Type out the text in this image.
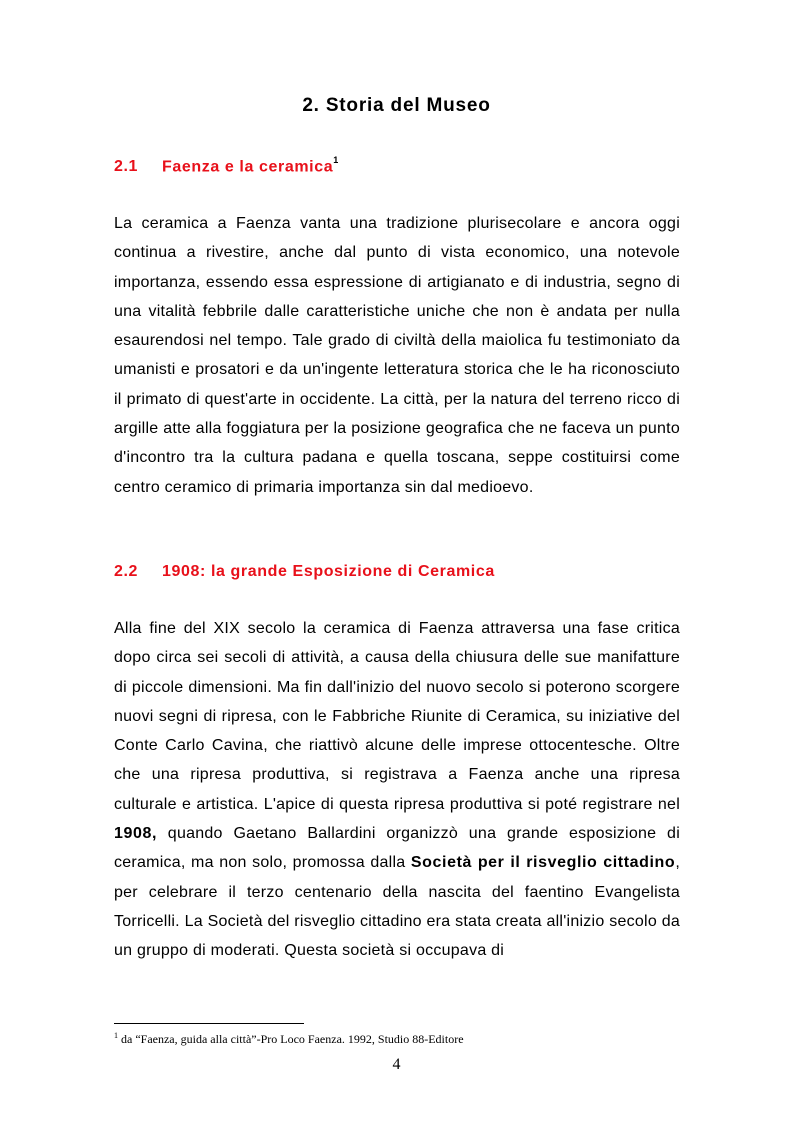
2. Storia del Museo
2.1 Faenza e la ceramica$^1$

La ceramica a Faenza vanta una tradizione plurisecolare e ancora oggi continua a rivestire, anche dal punto di vista economico, una notevole importanza, essendo essa espressione di artigianato e di industria, segno di una vitalità febbrile dalle caratteristiche uniche che non è andata per nulla esaurendosi nel tempo. Tale grado di civiltà della maiolica fu testimoniato da umanisti e prosatori e da un'ingente letteratura storica che le ha riconosciuto il primato di quest'arte in occidente. La città, per la natura del terreno ricco di argille atte alla foggiatura per la posizione geografica che ne faceva un punto d'incontro tra la cultura padana e quella toscana, seppe costituirsi come centro ceramico di primaria importanza sin dal medioevo.

2.2 1908: la grande Esposizione di Ceramica

Alla fine del XIX secolo la ceramica di Faenza attraversa una fase critica dopo circa sei secoli di attività, a causa della chiusura delle sue manifatture di piccole dimensioni. Ma fin dall'inizio del nuovo secolo si poterono scorgere nuovi segni di ripresa, con le Fabbriche Riunite di Ceramica, su iniziative del Conte Carlo Cavina, che riattivò alcune delle imprese ottocentesche. Oltre che una ripresa produttiva, si registrava a Faenza anche una ripresa culturale e artistica. L'apice di questa ripresa produttiva si poté registrare nel 1908, quando Gaetano Ballardini organizzò una grande esposizione di ceramica, ma non solo, promossa dalla Società per il risveglio cittadino, per celebrare il terzo centenario della nascita del faentino Evangelista Torricelli. La Società del risveglio cittadino era stata creata all'inizio secolo da un gruppo di moderati. Questa società si occupava di

$^1$ da “Faenza, guida alla città”-Pro Loco Faenza. 1992, Studio 88-Editore

4
